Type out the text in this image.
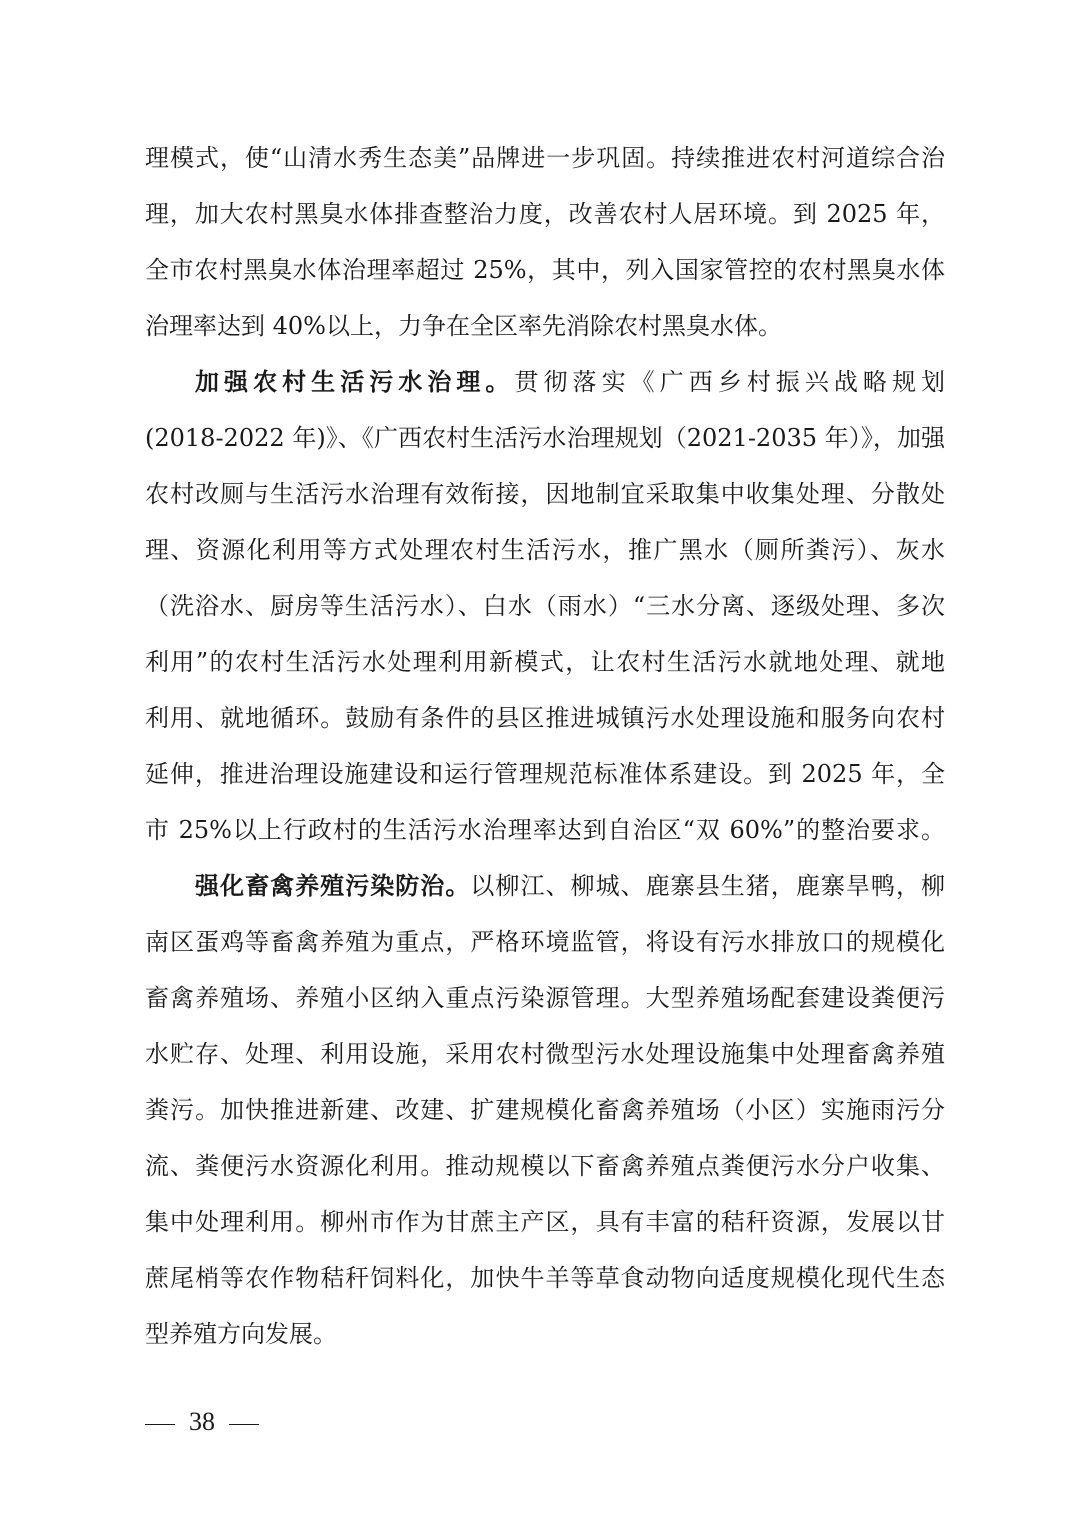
理模式，使“山清水秀生态美”品牌进一步巩固。持续推进农村河道综合治
理，加大农村黑臭水体排查整治力度，改善农村人居环境。到 2025 年，
全市农村黑臭水体治理率超过 25%，其中，列入国家管控的农村黑臭水体
治理率达到 40%以上，力争在全区率先消除农村黑臭水体。
加强农村生活污水治理。贯彻落实《广西乡村振兴战略规划
(2018-2022 年)》、《广西农村生活污水治理规划（2021-2035 年）》，加强
农村改厕与生活污水治理有效衔接，因地制宜采取集中收集处理、分散处
理、资源化利用等方式处理农村生活污水，推广黑水（厕所粪污）、灰水
（洗浴水、厨房等生活污水）、白水（雨水）“三水分离、逐级处理、多次
利用”的农村生活污水处理利用新模式，让农村生活污水就地处理、就地
利用、就地循环。鼓励有条件的县区推进城镇污水处理设施和服务向农村
延伸，推进治理设施建设和运行管理规范标准体系建设。到 2025 年，全
市 25%以上行政村的生活污水治理率达到自治区“双 60%”的整治要求。
强化畜禽养殖污染防治。以柳江、柳城、鹿寨县生猪，鹿寨旱鸭，柳
南区蛋鸡等畜禽养殖为重点，严格环境监管，将设有污水排放口的规模化
畜禽养殖场、养殖小区纳入重点污染源管理。大型养殖场配套建设粪便污
水贮存、处理、利用设施，采用农村微型污水处理设施集中处理畜禽养殖
粪污。加快推进新建、改建、扩建规模化畜禽养殖场（小区）实施雨污分
流、粪便污水资源化利用。推动规模以下畜禽养殖点粪便污水分户收集、
集中处理利用。柳州市作为甘蔗主产区，具有丰富的秸秆资源，发展以甘
蔗尾梢等农作物秸秆饲料化，加快牛羊等草食动物向适度规模化现代生态
型养殖方向发展。
38
